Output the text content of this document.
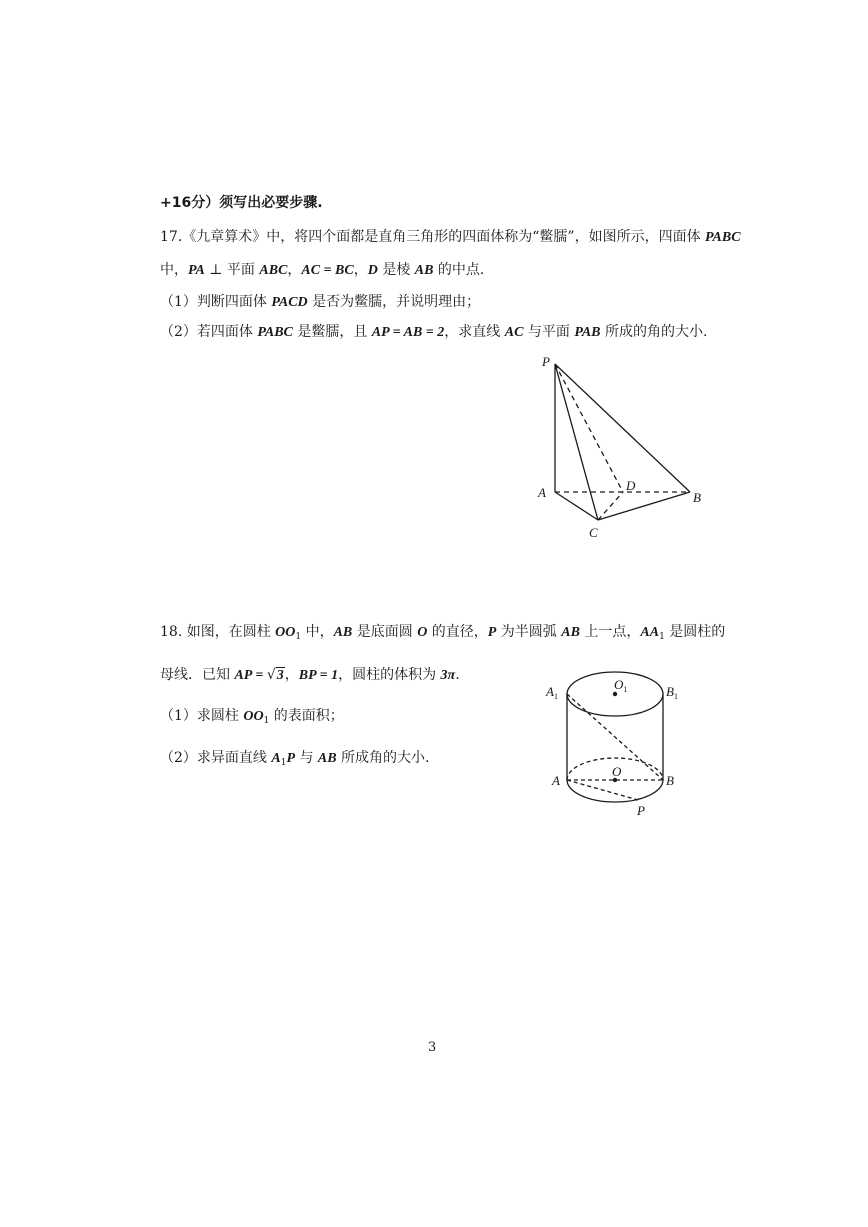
+16分）须写出必要步骤.
17.《九章算术》中，将四个面都是直角三角形的四面体称为“鳖臑”，如图所示，四面体 PABC
中，PA ⊥ 平面 ABC，AC = BC，D 是棱 AB 的中点.
（1）判断四面体 PACD 是否为鳖臑，并说明理由；
（2）若四面体 PABC 是鳖臑，且 AP = AB = 2，求直线 AC 与平面 PAB 所成的角的大小.
P
A	D
B
C
18. 如图，在圆柱 $OO_1$ 中，AB 是底面圆 O 的直径，P 为半圆弧 AB 上一点，$AA_1$ 是圆柱的
母线．已知 AP = √3，BP = 1，圆柱的体积为 3π.
（1）求圆柱 $OO_1$ 的表面积；
（2）求异面直线 $A_1P$ 与 AB 所成角的大小.
$A_1$
$O_1$	$B_1$
A
O
B
P
3
